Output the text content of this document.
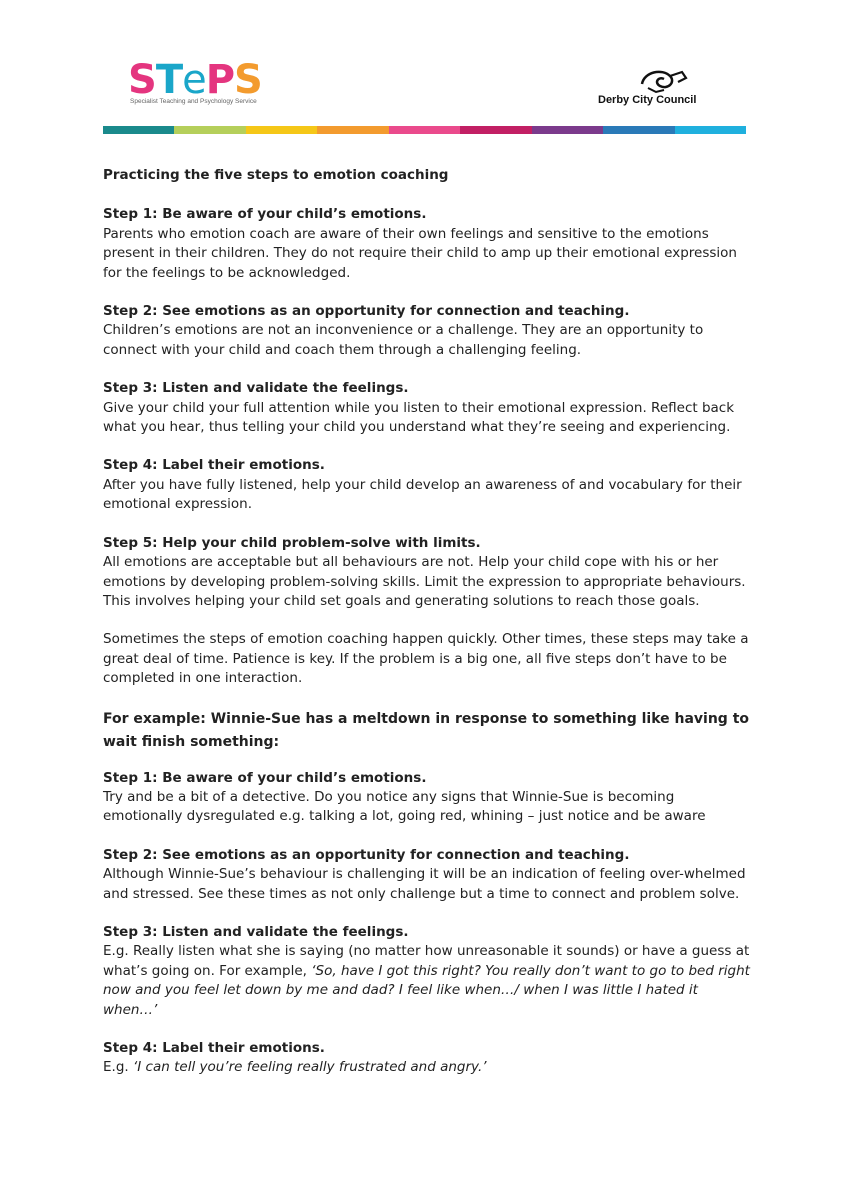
STePS
Specialist Teaching and Psychology Service	Derby City Council

Practicing the five steps to emotion coaching

Step 1: Be aware of your child’s emotions.
Parents who emotion coach are aware of their own feelings and sensitive to the emotions present in their children. They do not require their child to amp up their emotional expression for the feelings to be acknowledged.

Step 2: See emotions as an opportunity for connection and teaching.
Children’s emotions are not an inconvenience or a challenge. They are an opportunity to connect with your child and coach them through a challenging feeling.

Step 3: Listen and validate the feelings.
Give your child your full attention while you listen to their emotional expression. Reflect back what you hear, thus telling your child you understand what they’re seeing and experiencing.

Step 4: Label their emotions.
After you have fully listened, help your child develop an awareness of and vocabulary for their emotional expression.

Step 5: Help your child problem-solve with limits.
All emotions are acceptable but all behaviours are not. Help your child cope with his or her emotions by developing problem-solving skills. Limit the expression to appropriate behaviours. This involves helping your child set goals and generating solutions to reach those goals.

Sometimes the steps of emotion coaching happen quickly. Other times, these steps may take a great deal of time. Patience is key. If the problem is a big one, all five steps don’t have to be completed in one interaction.

For example: Winnie-Sue has a meltdown in response to something like having to wait finish something:

Step 1: Be aware of your child’s emotions.
Try and be a bit of a detective. Do you notice any signs that Winnie-Sue is becoming emotionally dysregulated e.g. talking a lot, going red, whining – just notice and be aware

Step 2: See emotions as an opportunity for connection and teaching.
Although Winnie-Sue’s behaviour is challenging it will be an indication of feeling over-whelmed and stressed. See these times as not only challenge but a time to connect and problem solve.

Step 3: Listen and validate the feelings.
E.g. Really listen what she is saying (no matter how unreasonable it sounds) or have a guess at what’s going on. For example, ‘So, have I got this right? You really don’t want to go to bed right now and you feel let down by me and dad? I feel like when…/ when I was little I hated it when…’

Step 4: Label their emotions.
E.g. ‘I can tell you’re feeling really frustrated and angry.’
